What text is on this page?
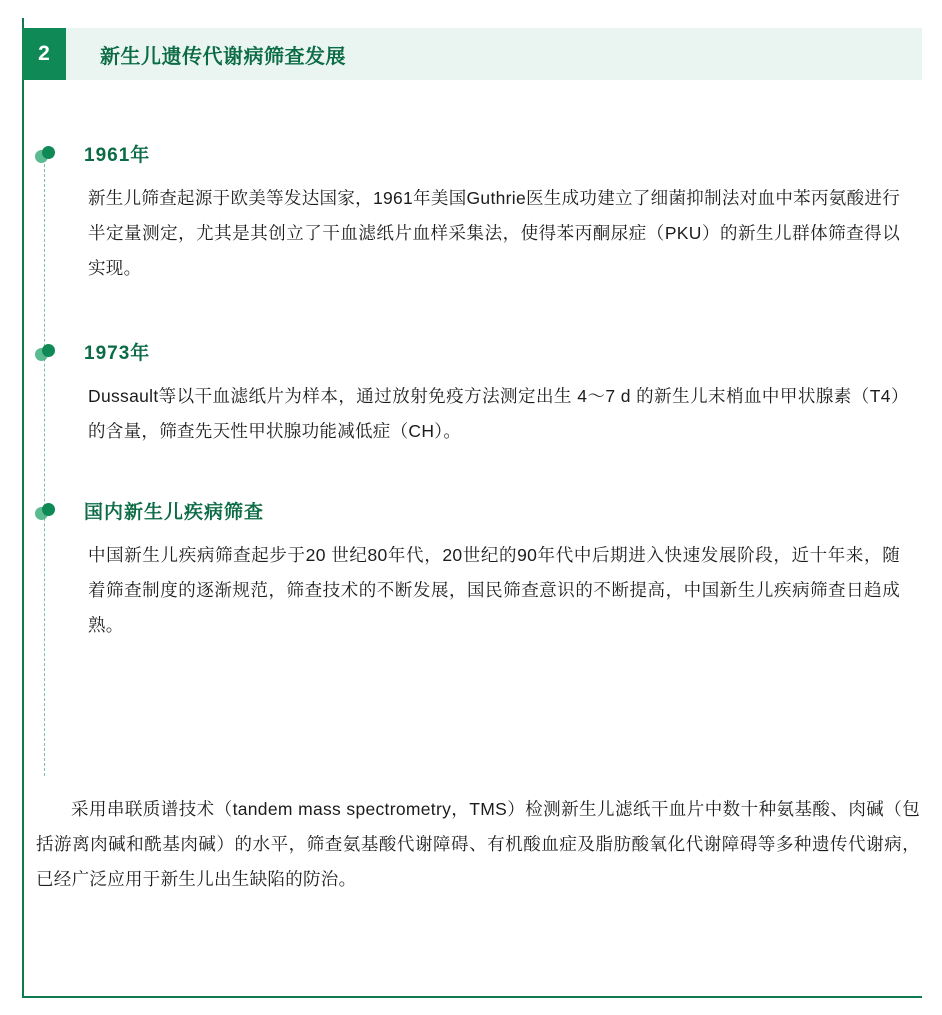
2	新生儿遗传代谢病筛查发展
1961年
新生儿筛查起源于欧美等发达国家，1961年美国Guthrie医生成功建立了细菌抑制法对血中苯丙氨酸进行半定量测定，尤其是其创立了干血滤纸片血样采集法，使得苯丙酮尿症（PKU）的新生儿群体筛查得以实现。
1973年
Dussault等以干血滤纸片为样本，通过放射免疫方法测定出生 4～7 d 的新生儿末梢血中甲状腺素（T4）的含量，筛查先天性甲状腺功能减低症（CH）。
国内新生儿疾病筛查
中国新生儿疾病筛查起步于20 世纪80年代，20世纪的90年代中后期进入快速发展阶段，近十年来，随着筛查制度的逐渐规范，筛查技术的不断发展，国民筛查意识的不断提高，中国新生儿疾病筛查日趋成熟。
采用串联质谱技术（tandem mass spectrometry，TMS）检测新生儿滤纸干血片中数十种氨基酸、肉碱（包括游离肉碱和酰基肉碱）的水平，筛查氨基酸代谢障碍、有机酸血症及脂肪酸氧化代谢障碍等多种遗传代谢病，已经广泛应用于新生儿出生缺陷的防治。
